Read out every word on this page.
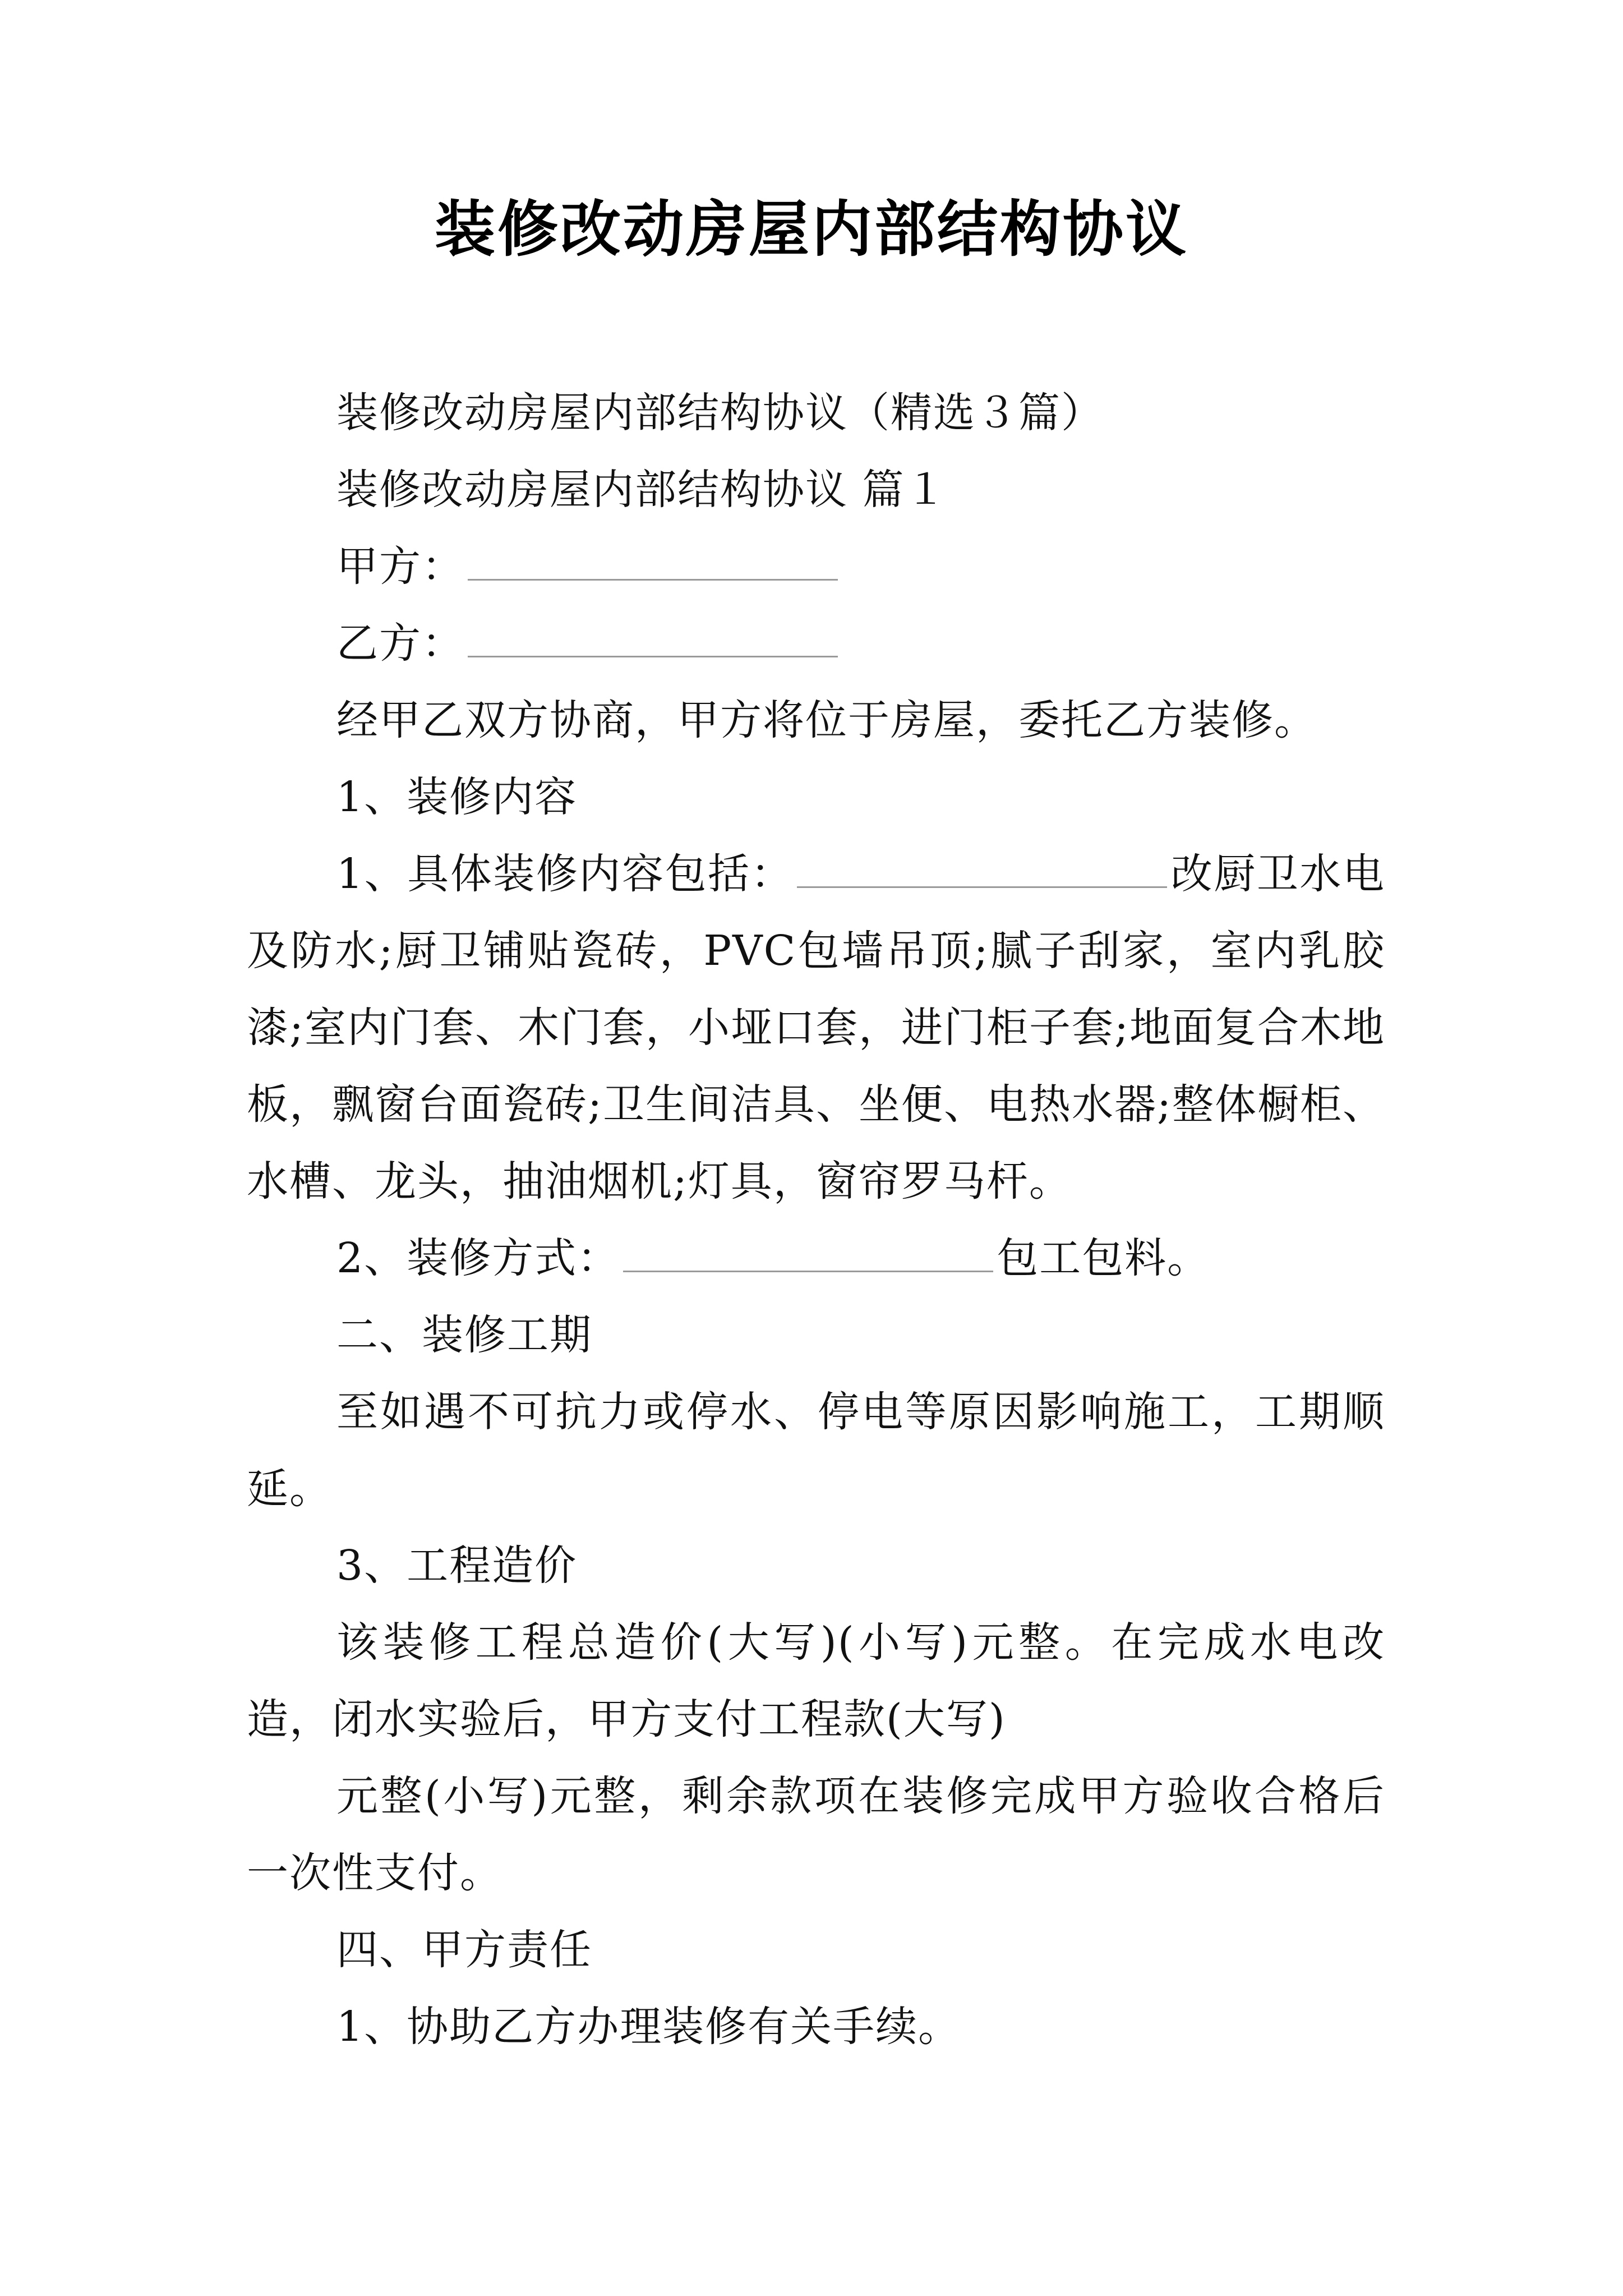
装修改动房屋内部结构协议

装修改动房屋内部结构协议（精选３篇）

装修改动房屋内部结构协议 篇１

甲方：

乙方：

经甲乙双方协商，甲方将位于房屋，委托乙方装修。

1、装修内容

1、具体装修内容包括：	改厨卫水电及防水;厨卫铺贴瓷砖，PVC包墙吊顶;腻子刮家，室内乳胶漆;室内门套、木门套，小垭口套，进门柜子套;地面复合木地板，飘窗台面瓷砖;卫生间洁具、坐便、电热水器;整体橱柜、水槽、龙头，抽油烟机;灯具，窗帘罗马杆。

2、装修方式：	包工包料。

二、装修工期

至如遇不可抗力或停水、停电等原因影响施工，工期顺延。

3、工程造价

该装修工程总造价(大写)(小写)元整。在完成水电改造，闭水实验后，甲方支付工程款(大写)

元整(小写)元整，剩余款项在装修完成甲方验收合格后一次性支付。

四、甲方责任

1、协助乙方办理装修有关手续。
